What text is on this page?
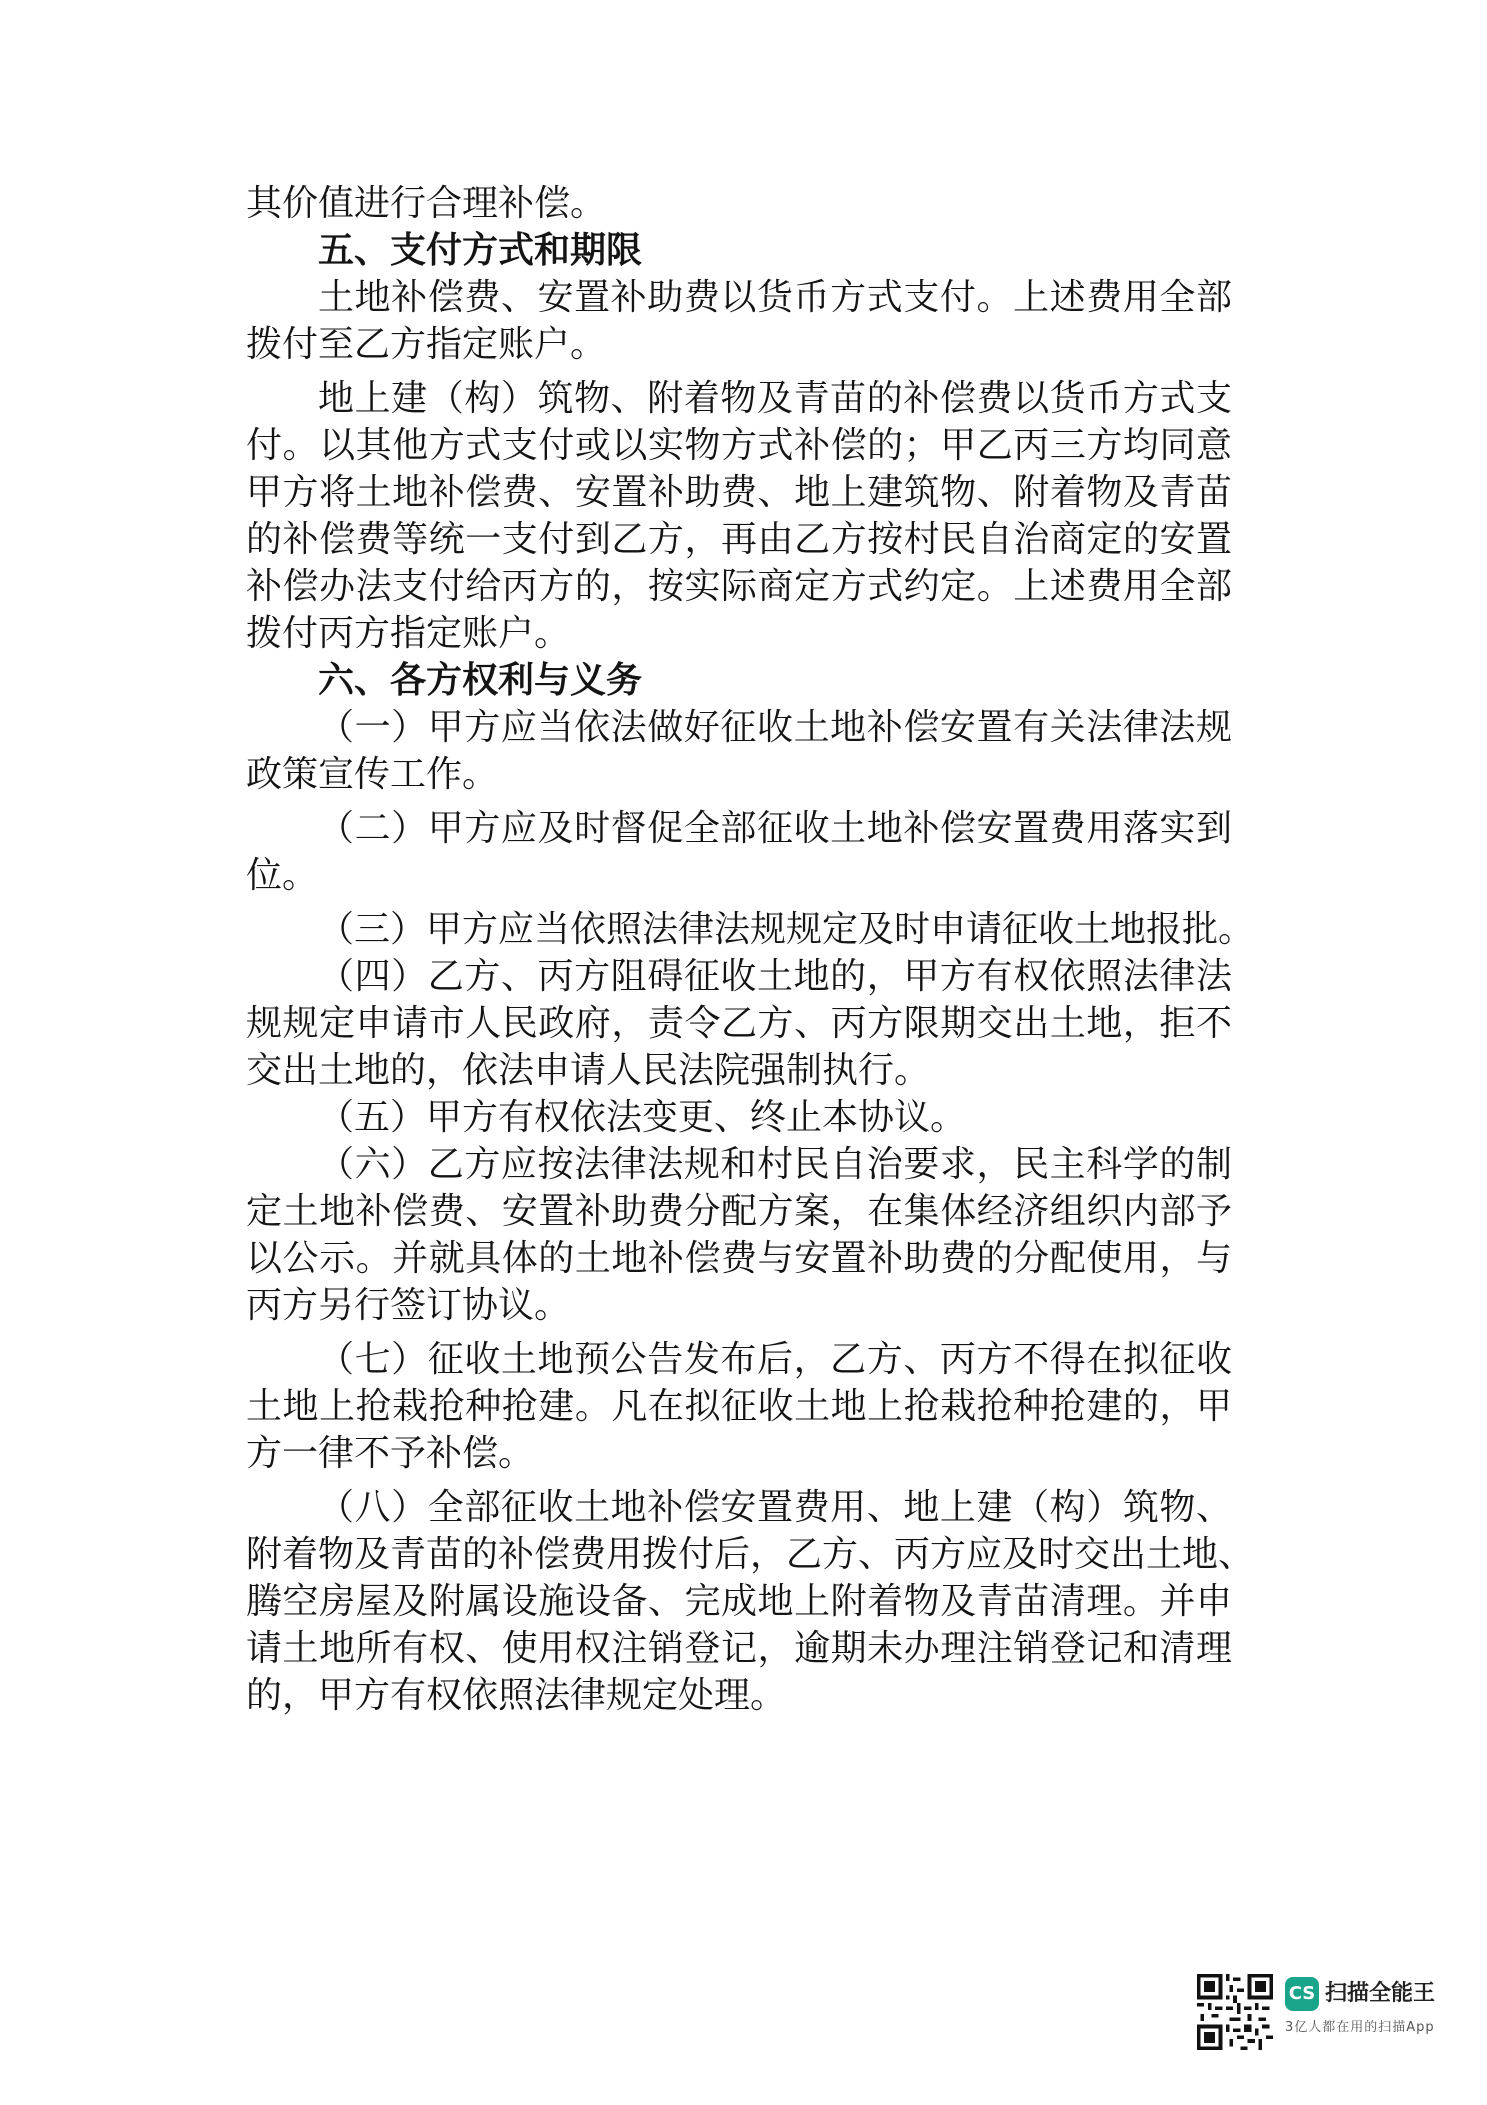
其价值进行合理补偿。
五、支付方式和期限
土地补偿费、安置补助费以货币方式支付。上述费用全部
拨付至乙方指定账户。
地上建（构）筑物、附着物及青苗的补偿费以货币方式支
付。以其他方式支付或以实物方式补偿的；甲乙丙三方均同意
甲方将土地补偿费、安置补助费、地上建筑物、附着物及青苗
的补偿费等统一支付到乙方，再由乙方按村民自治商定的安置
补偿办法支付给丙方的，按实际商定方式约定。上述费用全部
拨付丙方指定账户。
六、各方权利与义务
（一）甲方应当依法做好征收土地补偿安置有关法律法规
政策宣传工作。
（二）甲方应及时督促全部征收土地补偿安置费用落实到
位。
（三）甲方应当依照法律法规规定及时申请征收土地报批。
（四）乙方、丙方阻碍征收土地的，甲方有权依照法律法
规规定申请市人民政府，责令乙方、丙方限期交出土地，拒不
交出土地的，依法申请人民法院强制执行。
（五）甲方有权依法变更、终止本协议。
（六）乙方应按法律法规和村民自治要求，民主科学的制
定土地补偿费、安置补助费分配方案，在集体经济组织内部予
以公示。并就具体的土地补偿费与安置补助费的分配使用，与
丙方另行签订协议。
（七）征收土地预公告发布后，乙方、丙方不得在拟征收
土地上抢栽抢种抢建。凡在拟征收土地上抢栽抢种抢建的，甲
方一律不予补偿。
（八）全部征收土地补偿安置费用、地上建（构）筑物、
附着物及青苗的补偿费用拨付后，乙方、丙方应及时交出土地、
腾空房屋及附属设施设备、完成地上附着物及青苗清理。并申
请土地所有权、使用权注销登记，逾期未办理注销登记和清理
的，甲方有权依照法律规定处理。
CS 扫描全能王
3亿人都在用的扫描App
